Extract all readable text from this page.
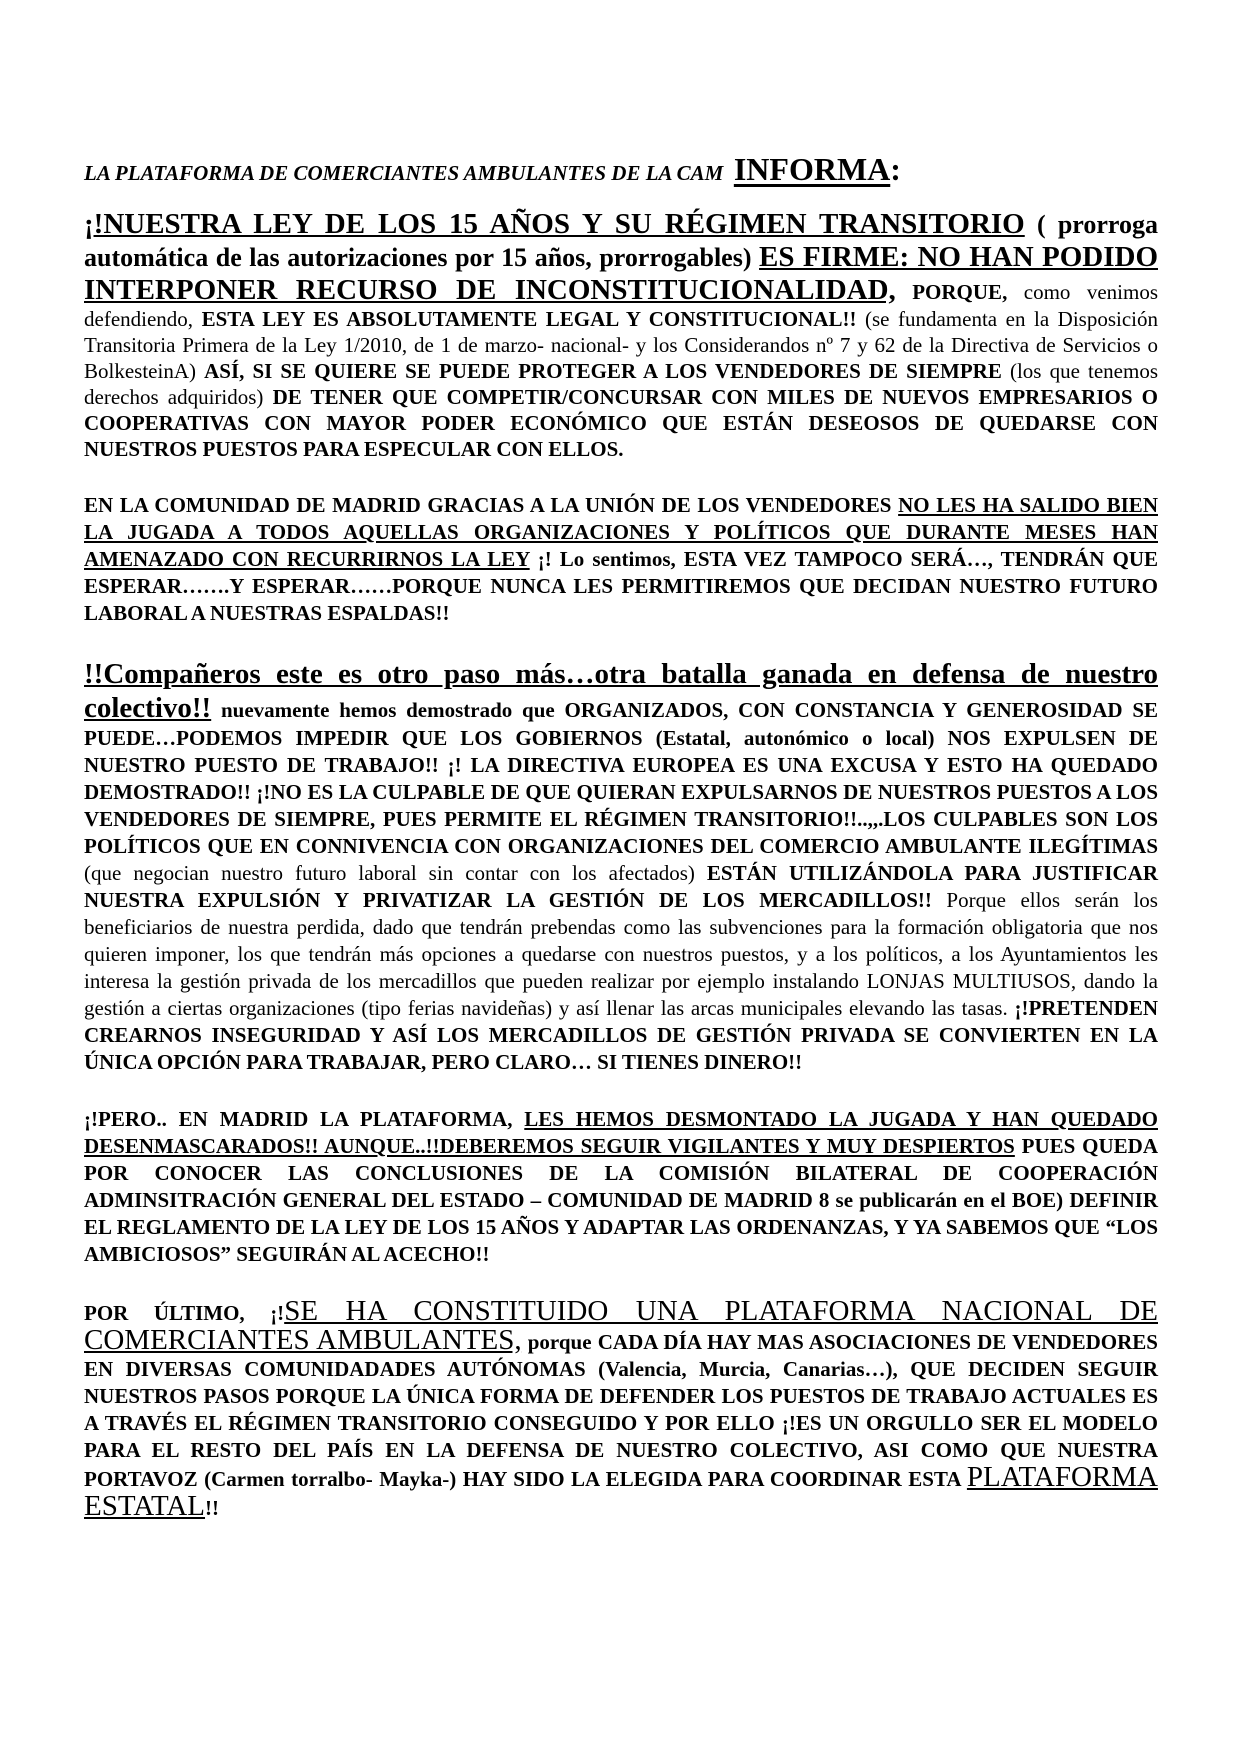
LA PLATAFORMA DE COMERCIANTES AMBULANTES DE LA CAM INFORMA:

¡!NUESTRA LEY DE LOS 15 AÑOS Y SU RÉGIMEN TRANSITORIO ( prorroga automática de las autorizaciones por 15 años, prorrogables) ES FIRME: NO HAN PODIDO INTERPONER RECURSO DE INCONSTITUCIONALIDAD, PORQUE, como venimos defendiendo, ESTA LEY ES ABSOLUTAMENTE LEGAL Y CONSTITUCIONAL!! (se fundamenta en la Disposición Transitoria Primera de la Ley 1/2010, de 1 de marzo- nacional- y los Considerandos nº 7 y 62 de la Directiva de Servicios o BolkesteinA) ASÍ, SI SE QUIERE SE PUEDE PROTEGER A LOS VENDEDORES DE SIEMPRE (los que tenemos derechos adquiridos) DE TENER QUE COMPETIR/CONCURSAR CON MILES DE NUEVOS EMPRESARIOS O COOPERATIVAS CON MAYOR PODER ECONÓMICO QUE ESTÁN DESEOSOS DE QUEDARSE CON NUESTROS PUESTOS PARA ESPECULAR CON ELLOS.

EN LA COMUNIDAD DE MADRID GRACIAS A LA UNIÓN DE LOS VENDEDORES NO LES HA SALIDO BIEN LA JUGADA A TODOS AQUELLAS ORGANIZACIONES Y POLÍTICOS QUE DURANTE MESES HAN AMENAZADO CON RECURRIRNOS LA LEY ¡! Lo sentimos, ESTA VEZ TAMPOCO SERÁ…, TENDRÁN QUE ESPERAR…….Y ESPERAR……PORQUE NUNCA LES PERMITIREMOS QUE DECIDAN NUESTRO FUTURO LABORAL A NUESTRAS ESPALDAS!!

!!Compañeros este es otro paso más…otra batalla ganada en defensa de nuestro colectivo!! nuevamente hemos demostrado que ORGANIZADOS, CON CONSTANCIA Y GENEROSIDAD SE PUEDE…PODEMOS IMPEDIR QUE LOS GOBIERNOS (Estatal, autonómico o local) NOS EXPULSEN DE NUESTRO PUESTO DE TRABAJO!! ¡! LA DIRECTIVA EUROPEA ES UNA EXCUSA Y ESTO HA QUEDADO DEMOSTRADO!! ¡!NO ES LA CULPABLE DE QUE QUIERAN EXPULSARNOS DE NUESTROS PUESTOS A LOS VENDEDORES DE SIEMPRE, PUES PERMITE EL RÉGIMEN TRANSITORIO!!..,,.LOS CULPABLES SON LOS POLÍTICOS QUE EN CONNIVENCIA CON ORGANIZACIONES DEL COMERCIO AMBULANTE ILEGÍTIMAS (que negocian nuestro futuro laboral sin contar con los afectados) ESTÁN UTILIZÁNDOLA PARA JUSTIFICAR NUESTRA EXPULSIÓN Y PRIVATIZAR LA GESTIÓN DE LOS MERCADILLOS!! Porque ellos serán los beneficiarios de nuestra perdida, dado que tendrán prebendas como las subvenciones para la formación obligatoria que nos quieren imponer, los que tendrán más opciones a quedarse con nuestros puestos, y a los políticos, a los Ayuntamientos les interesa la gestión privada de los mercadillos que pueden realizar por ejemplo instalando LONJAS MULTIUSOS, dando la gestión a ciertas organizaciones (tipo ferias navideñas) y así llenar las arcas municipales elevando las tasas. ¡!PRETENDEN CREARNOS INSEGURIDAD Y ASÍ LOS MERCADILLOS DE GESTIÓN PRIVADA SE CONVIERTEN EN LA ÚNICA OPCIÓN PARA TRABAJAR, PERO CLARO… SI TIENES DINERO!!

¡!PERO.. EN MADRID LA PLATAFORMA, LES HEMOS DESMONTADO LA JUGADA Y HAN QUEDADO DESENMASCARADOS!! AUNQUE..!!DEBEREMOS SEGUIR VIGILANTES Y MUY DESPIERTOS PUES QUEDA POR CONOCER LAS CONCLUSIONES DE LA COMISIÓN BILATERAL DE COOPERACIÓN ADMINSITRACIÓN GENERAL DEL ESTADO – COMUNIDAD DE MADRID 8 se publicarán en el BOE) DEFINIR EL REGLAMENTO DE LA LEY DE LOS 15 AÑOS Y ADAPTAR LAS ORDENANZAS, Y YA SABEMOS QUE “LOS AMBICIOSOS” SEGUIRÁN AL ACECHO!!

POR ÚLTIMO, ¡!SE HA CONSTITUIDO UNA PLATAFORMA NACIONAL DE COMERCIANTES AMBULANTES, porque CADA DÍA HAY MAS ASOCIACIONES DE VENDEDORES EN DIVERSAS COMUNIDADADES AUTÓNOMAS (Valencia, Murcia, Canarias…), QUE DECIDEN SEGUIR NUESTROS PASOS PORQUE LA ÚNICA FORMA DE DEFENDER LOS PUESTOS DE TRABAJO ACTUALES ES A TRAVÉS EL RÉGIMEN TRANSITORIO CONSEGUIDO Y POR ELLO ¡!ES UN ORGULLO SER EL MODELO PARA EL RESTO DEL PAÍS EN LA DEFENSA DE NUESTRO COLECTIVO, ASI COMO QUE NUESTRA PORTAVOZ (Carmen torralbo- Mayka-) HAY SIDO LA ELEGIDA PARA COORDINAR ESTA PLATAFORMA ESTATAL!!
